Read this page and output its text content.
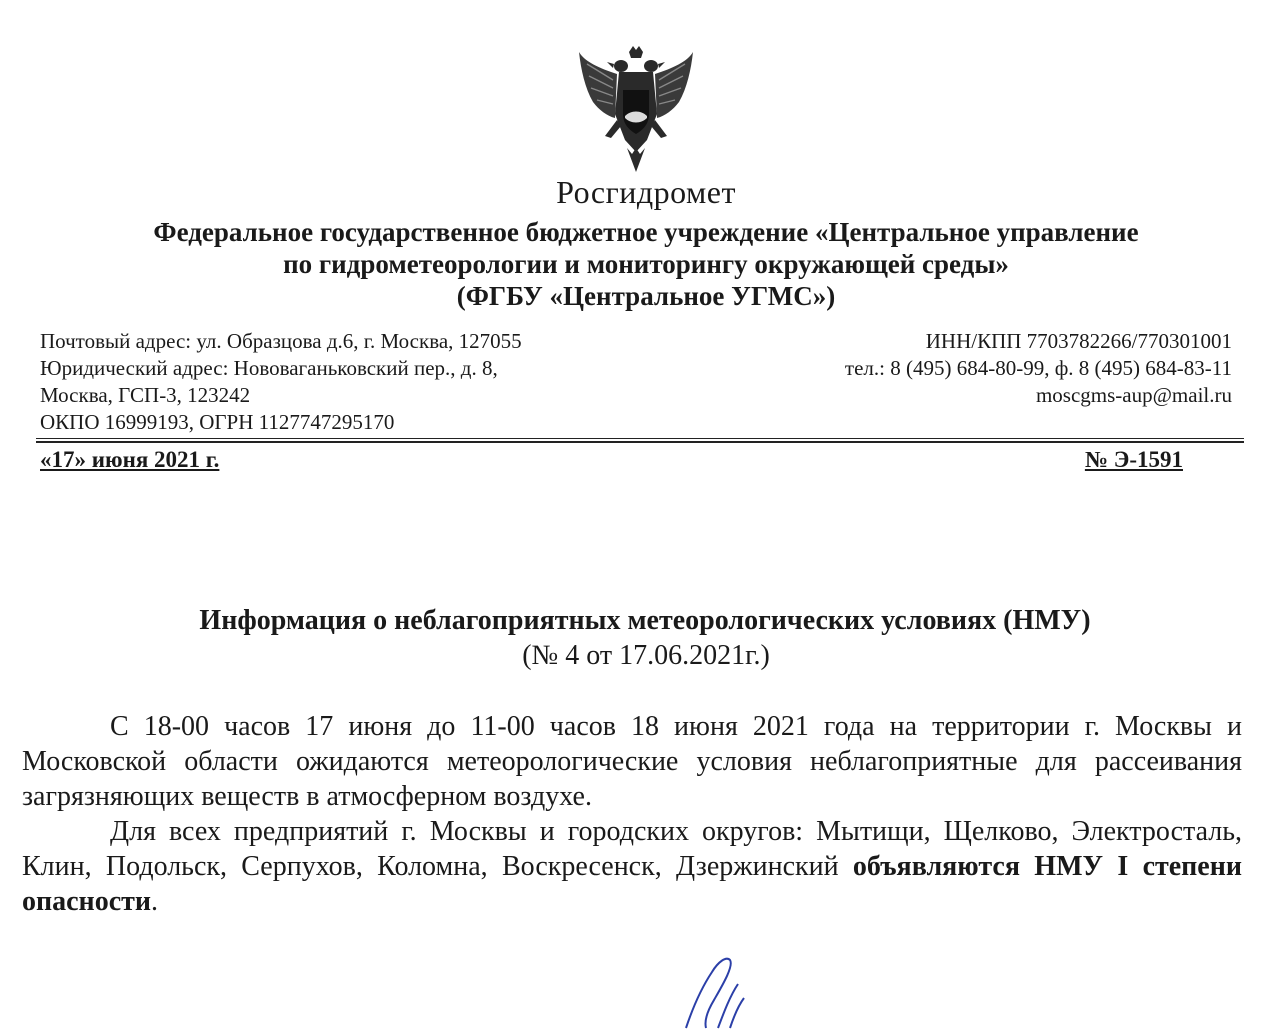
Росгидромет
Федеральное государственное бюджетное учреждение «Центральное управление
по гидрометеорологии и мониторингу окружающей среды»
(ФГБУ «Центральное УГМС»)
Почтовый адрес: ул. Образцова д.6, г. Москва, 127055
Юридический адрес: Нововаганьковский пер., д. 8,
Москва, ГСП-3, 123242
ОКПО 16999193, ОГРН 1127747295170
ИНН/КПП 7703782266/770301001
тел.: 8 (495) 684-80-99, ф. 8 (495) 684-83-11
moscgms-aup@mail.ru
«17» июня 2021 г.	№ Э-1591
Информация о неблагоприятных метеорологических условиях (НМУ)
(№ 4 от 17.06.2021г.)

С 18-00 часов 17 июня до 11-00 часов 18 июня 2021 года на территории г. Москвы и Московской области ожидаются метеорологические условия неблагоприятные для рассеивания загрязняющих веществ в атмосферном воздухе.

Для всех предприятий г. Москвы и городских округов: Мытищи, Щелково, Электросталь, Клин, Подольск, Серпухов, Коломна, Воскресенск, Дзержинский объявляются НМУ I степени опасности.
